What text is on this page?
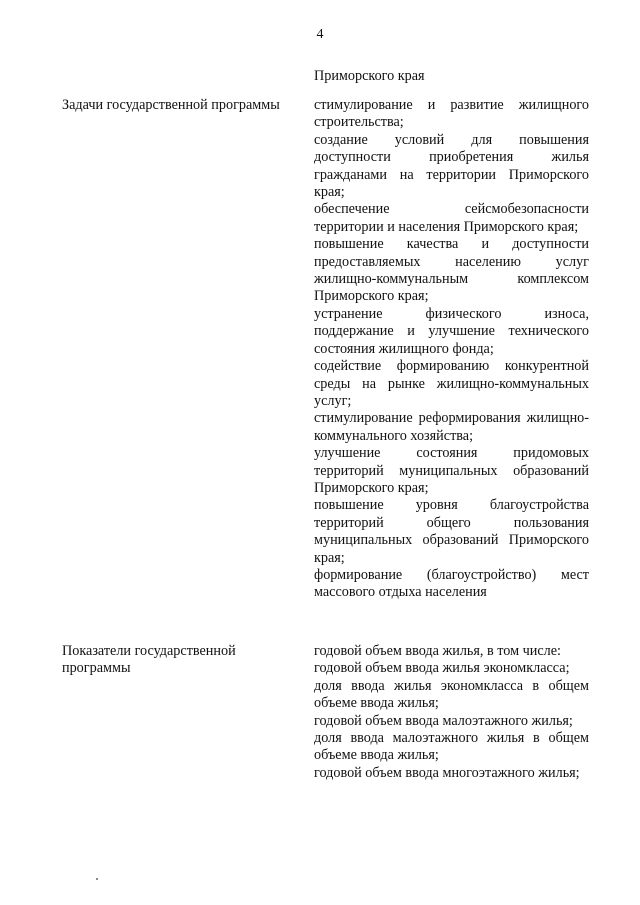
4
Приморского края
Задачи государственной программы	стимулирование и развитие жилищного строительства;

создание условий для повышения доступности приобретения жилья гражданами на территории Приморского края;

обеспечение сейсмобезопасности территории и населения Приморского края;

повышение качества и доступности предоставляемых населению услуг жилищно-коммунальным комплексом Приморского края;

устранение физического износа, поддержание и улучшение технического состояния жилищного фонда;

содействие формированию конкурентной среды на рынке жилищно-коммунальных услуг;

стимулирование реформирования жилищно-коммунального хозяйства;

улучшение состояния придомовых территорий муниципальных образований Приморского края;

повышение уровня благоустройства территорий общего пользования муниципальных образований Приморского края;

формирование (благоустройство) мест массового отдыха населения

Показатели государственной программы

годовой объем ввода жилья, в том числе:

годовой объем ввода жилья экономкласса;

доля ввода жилья экономкласса в общем объеме ввода жилья;

годовой объем ввода малоэтажного жилья;

доля ввода малоэтажного жилья в общем объеме ввода жилья;

годовой объем ввода многоэтажного жилья;
